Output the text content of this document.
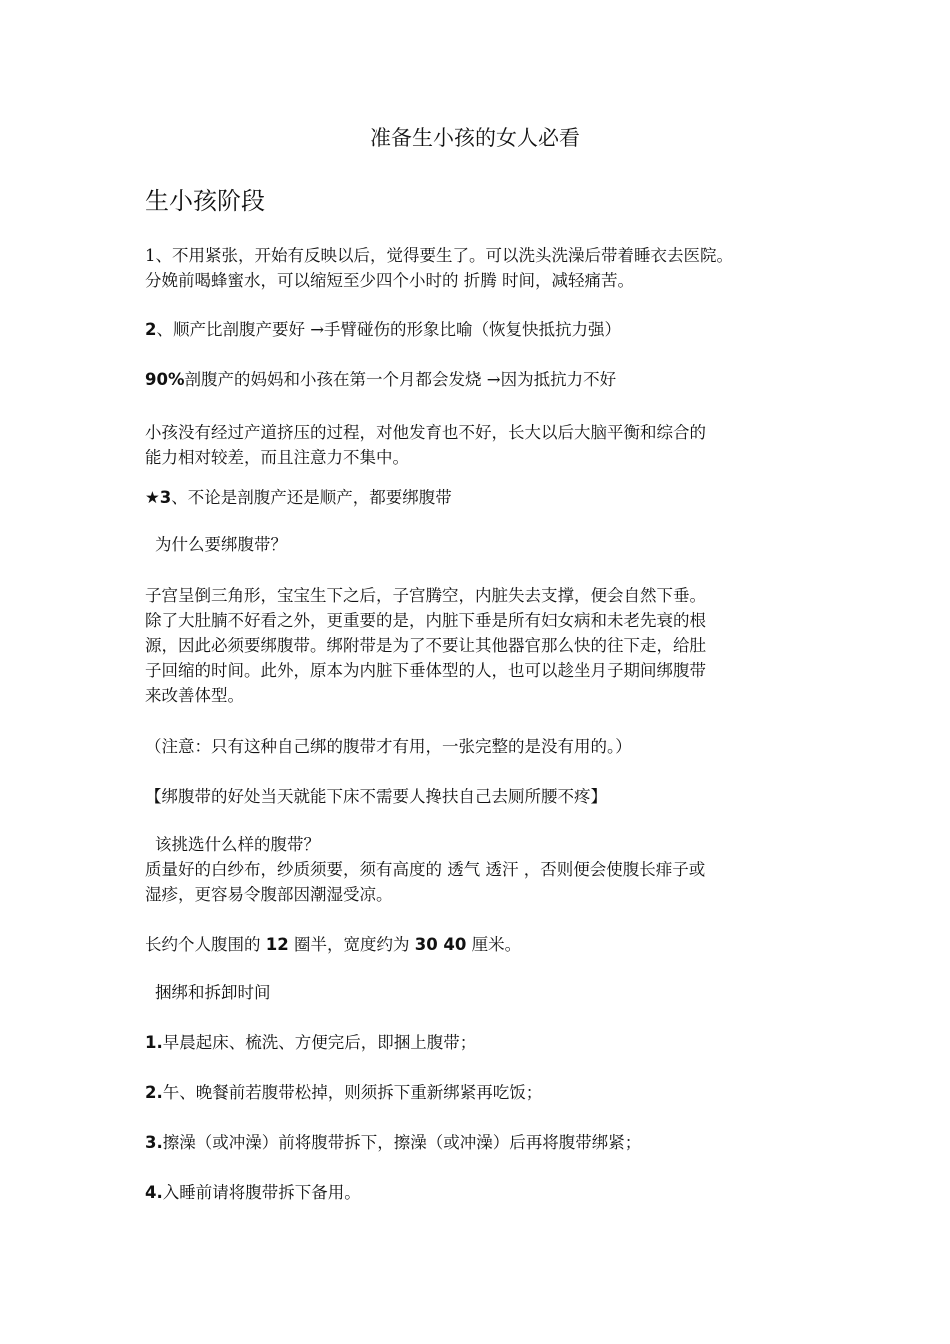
准备生小孩的女人必看
生小孩阶段
1、不用紧张，开始有反映以后，觉得要生了。可以洗头洗澡后带着睡衣去医院。
分娩前喝蜂蜜水，可以缩短至少四个小时的 折腾 时间，减轻痛苦。
2、顺产比剖腹产要好 →手臂碰伤的形象比喻（恢复快抵抗力强）
90%剖腹产的妈妈和小孩在第一个月都会发烧 →因为抵抗力不好
小孩没有经过产道挤压的过程，对他发育也不好，长大以后大脑平衡和综合的
能力相对较差，而且注意力不集中。
★3、不论是剖腹产还是顺产，都要绑腹带
为什么要绑腹带？
子宫呈倒三角形，宝宝生下之后，子宫腾空，内脏失去支撑，便会自然下垂。
除了大肚腩不好看之外，更重要的是，内脏下垂是所有妇女病和未老先衰的根
源，因此必须要绑腹带。绑附带是为了不要让其他器官那么快的往下走，给肚
子回缩的时间。此外，原本为内脏下垂体型的人，也可以趁坐月子期间绑腹带
来改善体型。
（注意：只有这种自己绑的腹带才有用，一张完整的是没有用的。）
【绑腹带的好处当天就能下床不需要人搀扶自己去厕所腰不疼】
该挑选什么样的腹带？
质量好的白纱布，纱质须要，须有高度的 透气 透汗 ，否则便会使腹长痱子或
湿疹，更容易令腹部因潮湿受凉。
长约个人腹围的 12 圈半，宽度约为 30 40 厘米。
捆绑和拆卸时间
1.早晨起床、梳洗、方便完后，即捆上腹带；
2.午、晚餐前若腹带松掉，则须拆下重新绑紧再吃饭；
3.擦澡（或冲澡）前将腹带拆下，擦澡（或冲澡）后再将腹带绑紧；
4.入睡前请将腹带拆下备用。
